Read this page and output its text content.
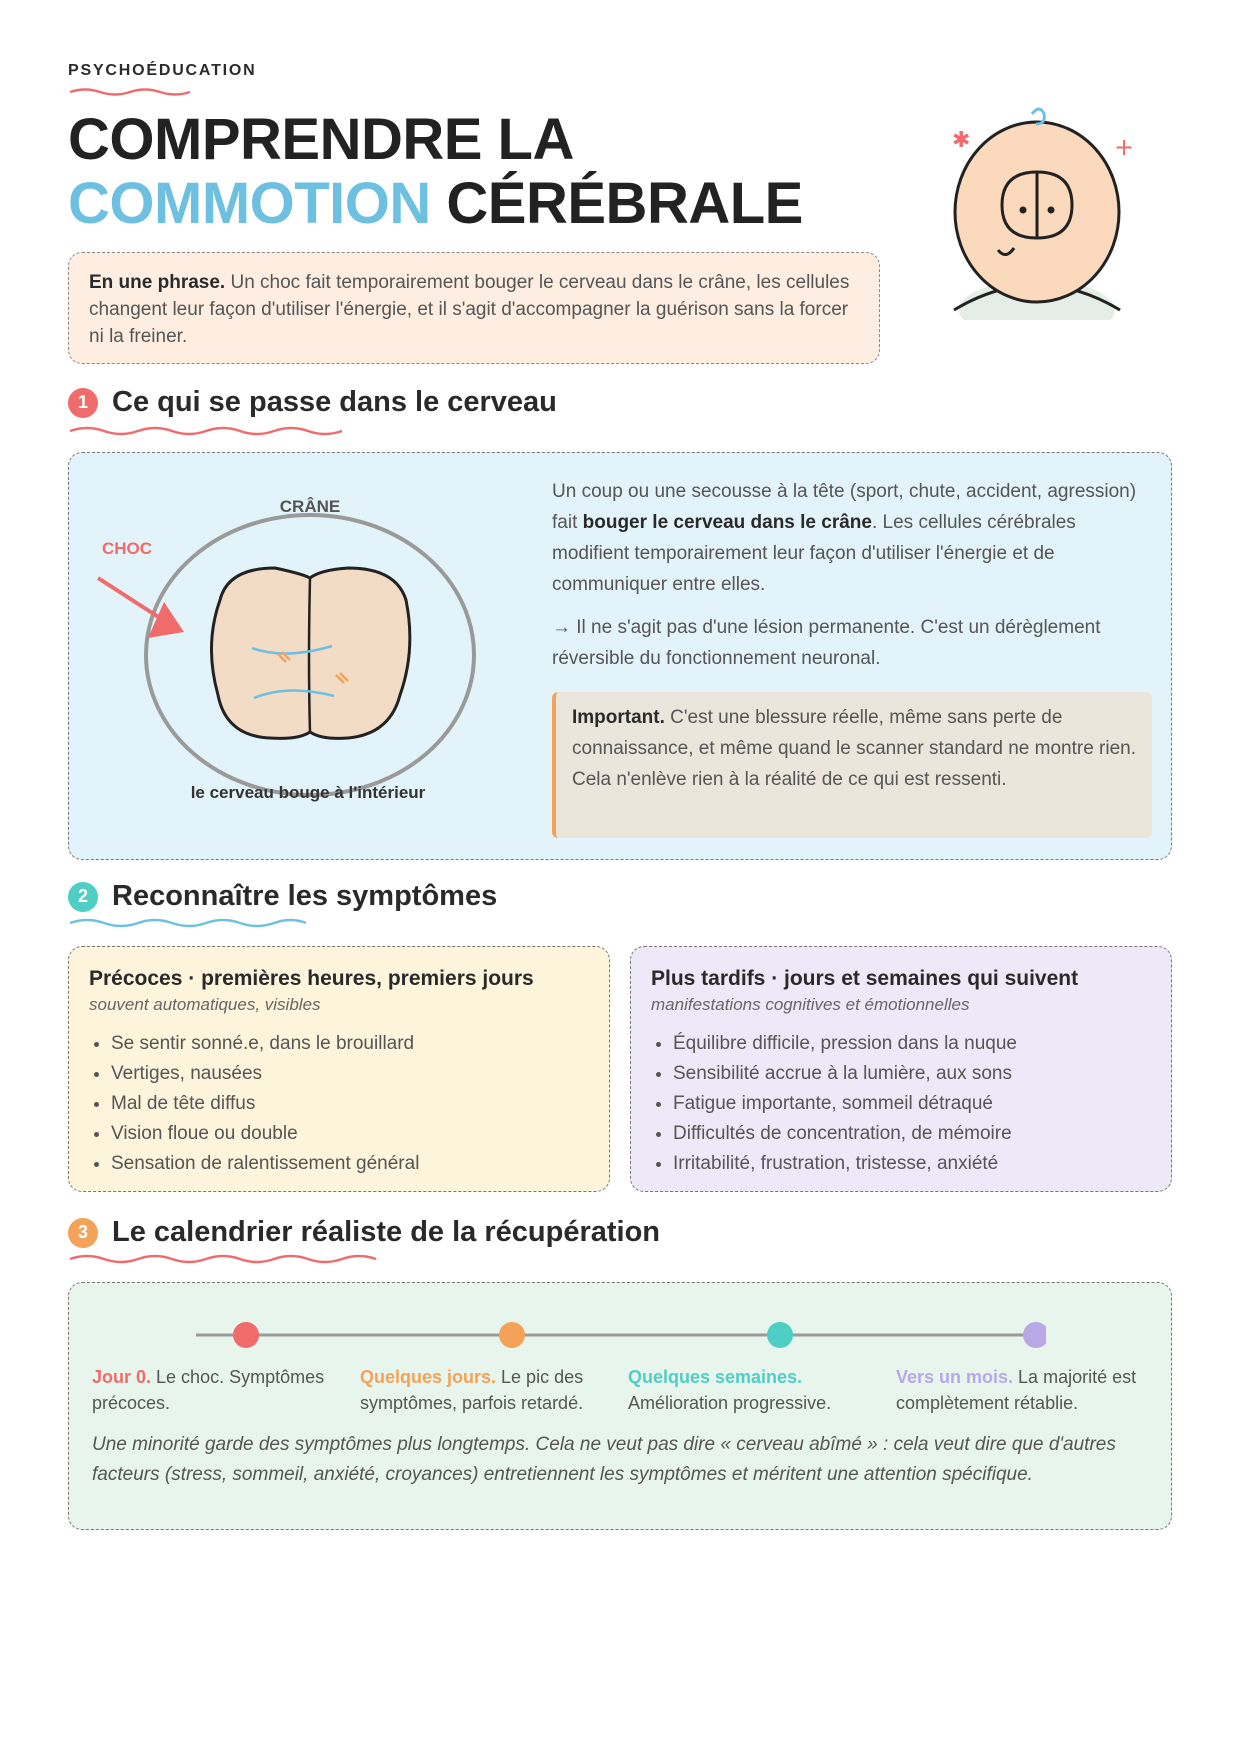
PSYCHOÉDUCATION
COMPRENDRE LA
COMMOTION CÉRÉBRALE
✱	+
En une phrase. Un choc fait temporairement bouger le cerveau dans le crâne, les cellules changent leur façon d'utiliser l'énergie, et il s'agit d'accompagner la guérison sans la forcer ni la freiner.
1 Ce qui se passe dans le cerveau
CRÂNE
CHOC
le cerveau bouge à l'intérieur

Un coup ou une secousse à la tête (sport, chute, accident, agression) fait bouger le cerveau dans le crâne. Les cellules cérébrales modifient temporairement leur façon d'utiliser l'énergie et de communiquer entre elles.

→ Il ne s'agit pas d'une lésion permanente. C'est un dérèglement réversible du fonctionnement neuronal.

Important. C'est une blessure réelle, même sans perte de connaissance, et même quand le scanner standard ne montre rien. Cela n'enlève rien à la réalité de ce qui est ressenti.
2 Reconnaître les symptômes
Précoces · premières heures, premiers jours
souvent automatiques, visibles
• Se sentir sonné.e, dans le brouillard
• Vertiges, nausées
• Mal de tête diffus
• Vision floue ou double
• Sensation de ralentissement général
Plus tardifs · jours et semaines qui suivent
manifestations cognitives et émotionnelles
• Équilibre difficile, pression dans la nuque
• Sensibilité accrue à la lumière, aux sons
• Fatigue importante, sommeil détraqué
• Difficultés de concentration, de mémoire
• Irritabilité, frustration, tristesse, anxiété
3 Le calendrier réaliste de la récupération
Jour 0. Le choc. Symptômes précoces.
Quelques jours. Le pic des symptômes, parfois retardé.
Quelques semaines. Amélioration progressive.
Vers un mois. La majorité est complètement rétablie.
Une minorité garde des symptômes plus longtemps. Cela ne veut pas dire « cerveau abîmé » : cela veut dire que d'autres facteurs (stress, sommeil, anxiété, croyances) entretiennent les symptômes et méritent une attention spécifique.
